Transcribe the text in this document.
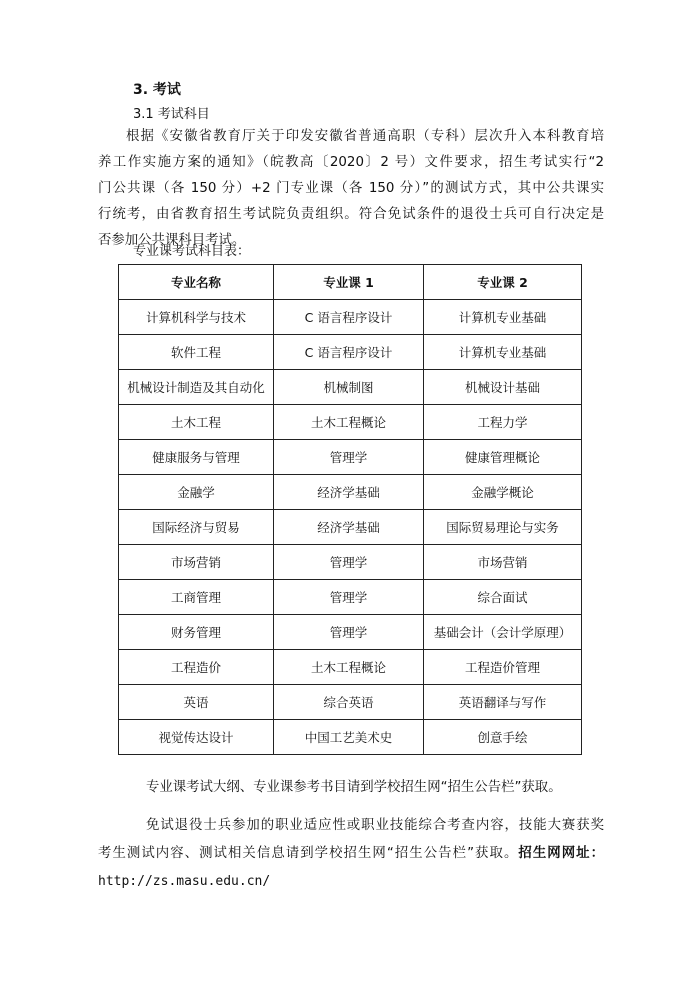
3. 考试
3.1 考试科目
根据《安徽省教育厅关于印发安徽省普通高职（专科）层次升入本科教育培
养工作实施方案的通知》（皖教高〔2020〕2 号）文件要求，招生考试实行“2
门公共课（各 150 分）+2 门专业课（各 150 分）”的测试方式，其中公共课实
行统考，由省教育招生考试院负责组织。符合免试条件的退役士兵可自行决定是
否参加公共课科目考试。
专业课考试科目表：
专业名称	专业课 1	专业课 2
计算机科学与技术	C 语言程序设计	计算机专业基础
软件工程	C 语言程序设计	计算机专业基础
机械设计制造及其自动化	机械制图	机械设计基础
土木工程	土木工程概论	工程力学
健康服务与管理	管理学	健康管理概论
金融学	经济学基础	金融学概论
国际经济与贸易	经济学基础	国际贸易理论与实务
市场营销	管理学	市场营销
工商管理	管理学	综合面试
财务管理	管理学	基础会计（会计学原理）
工程造价	土木工程概论	工程造价管理
英语	综合英语	英语翻译与写作
视觉传达设计	中国工艺美术史	创意手绘
专业课考试大纲、专业课参考书目请到学校招生网“招生公告栏”获取。
免试退役士兵参加的职业适应性或职业技能综合考查内容，技能大赛获奖
考生测试内容、测试相关信息请到学校招生网“招生公告栏”获取。招生网网址：
http://zs.masu.edu.cn/
